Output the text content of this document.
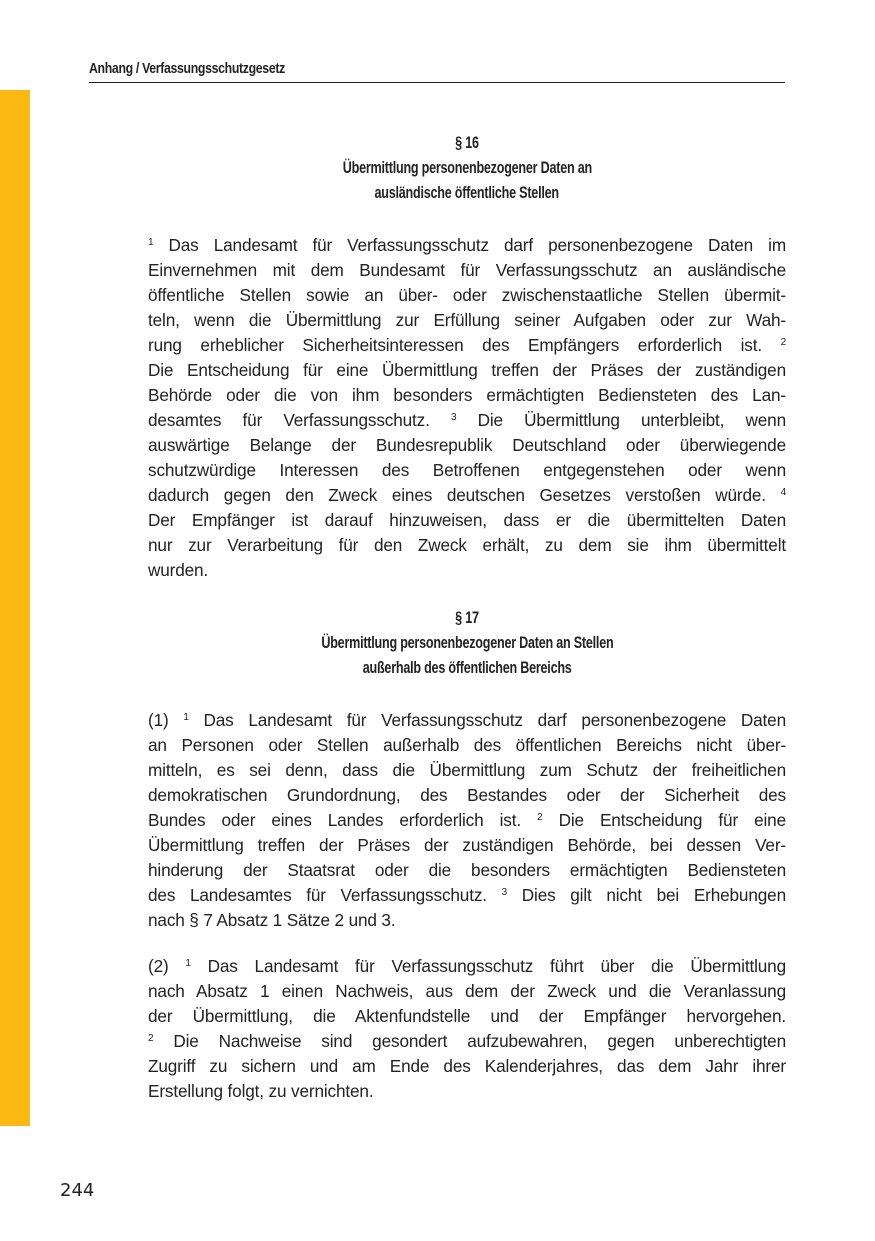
Anhang / Verfassungsschutzgesetz
§ 16
Übermittlung personenbezogener Daten an
ausländische öffentliche Stellen
$^1$ Das Landesamt für Verfassungsschutz darf personenbezogene Daten im
Einvernehmen mit dem Bundesamt für Verfassungsschutz an ausländische
öffentliche Stellen sowie an über- oder zwischenstaatliche Stellen übermit-
teln, wenn die Übermittlung zur Erfüllung seiner Aufgaben oder zur Wah-
rung erheblicher Sicherheitsinteressen des Empfängers erforderlich ist. $^2$
Die Entscheidung für eine Übermittlung treffen der Präses der zuständigen
Behörde oder die von ihm besonders ermächtigten Bediensteten des Lan-
desamtes für Verfassungsschutz. $^3$ Die Übermittlung unterbleibt, wenn
auswärtige Belange der Bundesrepublik Deutschland oder überwiegende
schutzwürdige Interessen des Betroffenen entgegenstehen oder wenn
dadurch gegen den Zweck eines deutschen Gesetzes verstoßen würde. $^4$
Der Empfänger ist darauf hinzuweisen, dass er die übermittelten Daten
nur zur Verarbeitung für den Zweck erhält, zu dem sie ihm übermittelt
wurden.
§ 17
Übermittlung personenbezogener Daten an Stellen
außerhalb des öffentlichen Bereichs
(1) $^1$ Das Landesamt für Verfassungsschutz darf personenbezogene Daten
an Personen oder Stellen außerhalb des öffentlichen Bereichs nicht über-
mitteln, es sei denn, dass die Übermittlung zum Schutz der freiheitlichen
demokratischen Grundordnung, des Bestandes oder der Sicherheit des
Bundes oder eines Landes erforderlich ist. $^2$ Die Entscheidung für eine
Übermittlung treffen der Präses der zuständigen Behörde, bei dessen Ver-
hinderung der Staatsrat oder die besonders ermächtigten Bediensteten
des Landesamtes für Verfassungsschutz. $^3$ Dies gilt nicht bei Erhebungen
nach § 7 Absatz 1 Sätze 2 und 3.
(2) $^1$ Das Landesamt für Verfassungsschutz führt über die Übermittlung
nach Absatz 1 einen Nachweis, aus dem der Zweck und die Veranlassung
der Übermittlung, die Aktenfundstelle und der Empfänger hervorgehen.
$^2$ Die Nachweise sind gesondert aufzubewahren, gegen unberechtigten
Zugriff zu sichern und am Ende des Kalenderjahres, das dem Jahr ihrer
Erstellung folgt, zu vernichten.
244
